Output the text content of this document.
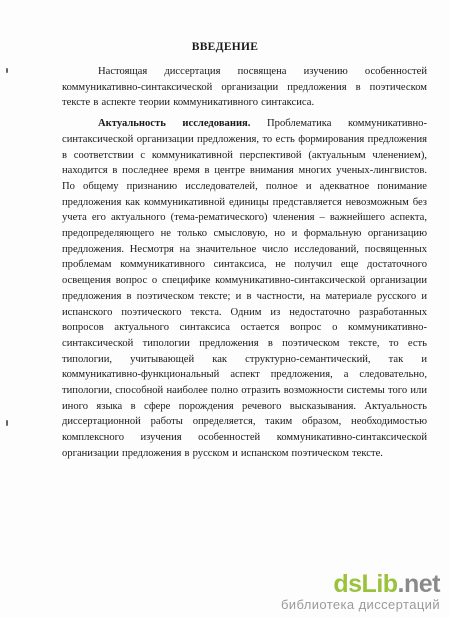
ВВЕДЕНИЕ

Настоящая диссертация посвящена изучению особенностей коммуникативно-синтаксической организации предложения в поэтическом тексте в аспекте теории коммуникативного синтаксиса.

Актуальность исследования. Проблематика коммуникативно-синтаксической организации предложения, то есть формирования предложения в соответствии с коммуникативной перспективой (актуальным членением), находится в последнее время в центре внимания многих ученых-лингвистов. По общему признанию исследователей, полное и адекватное понимание предложения как коммуникативной единицы представляется невозможным без учета его актуального (тема-рематического) членения – важнейшего аспекта, предопределяющего не только смысловую, но и формальную организацию предложения. Несмотря на значительное число исследований, посвященных проблемам коммуникативного синтаксиса, не получил еще достаточного освещения вопрос о специфике коммуникативно-синтаксической организации предложения в поэтическом тексте; и в частности, на материале русского и испанского поэтического текста. Одним из недостаточно разработанных вопросов актуального синтаксиса остается вопрос о коммуникативно-синтаксической типологии предложения в поэтическом тексте, то есть типологии, учитывающей как структурно-семантический, так и коммуникативно-функциональный аспект предложения, а следовательно, типологии, способной наиболее полно отразить возможности системы того или иного языка в сфере порождения речевого высказывания. Актуальность диссертационной работы определяется, таким образом, необходимостью комплексного изучения особенностей коммуникативно-синтаксической организации предложения в русском и испанском поэтическом тексте.

dsLib.net
библиотека диссертаций
